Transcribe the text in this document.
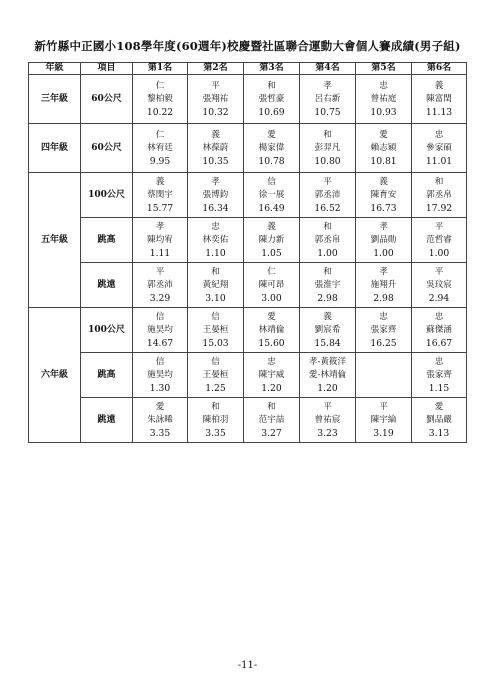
新竹縣中正國小108學年度(60週年)校慶暨社區聯合運動大會個人賽成績(男子組)
年級	項目	第1名	第2名	第3名	第4名	第5名	第6名
三年級	60公尺	仁
黎柏毅
10.22	平
張翔祐
10.32	和
張哲豪
10.69	孝
呂右新
10.75	忠
曾祐庭
10.93	義
陳富閏
11.13

四年級	60公尺	仁
林宥廷
9.95	義
林葆蔚
10.35	愛
楊家偉
10.78	和
彭羿凡
10.80	愛
賴志穎
10.81	忠
參家碩
11.01

五年級	100公尺	義
蔡閔宇
15.77	孝
張博鈞
16.34	信
徐一展
16.49	平
郭丞沛
16.52	義
陳育安
16.73	和
郭丞帛
17.92

	跳高	孝
陳均宥
1.11	忠
林奕佑
1.10	義
陳力新
1.05	和
郭丞帛
1.00	孝
劉品勛
1.00	平
范哲睿
1.00

	跳遠	平
郭丞沛
3.29	和
黃紀翔
3.10	仁
陳可昂
3.00	和
張淮宇
2.98	孝
施翔升
2.98	平
吳玟宸
2.94

六年級	100公尺	信
施昊均
14.67	信
王晏桓
15.03	愛
林靖倫
15.60	義
劉宸希
15.84	忠
張家齊
16.25	忠
蘇傑涵
16.67

	跳高	信
施昊均
1.30	信
王晏桓
1.25	忠
陳宇威
1.20	孝-黃筱洋
愛-林靖倫
1.20		忠
張家齊
1.15

	跳遠	愛
朱詠晞
3.35	和
陳柏羽
3.35	和
范宇喆
3.27	平
曾祐宸
3.23	平
陳宇綸
3.19	愛
劉品嚴
3.13
-11-
